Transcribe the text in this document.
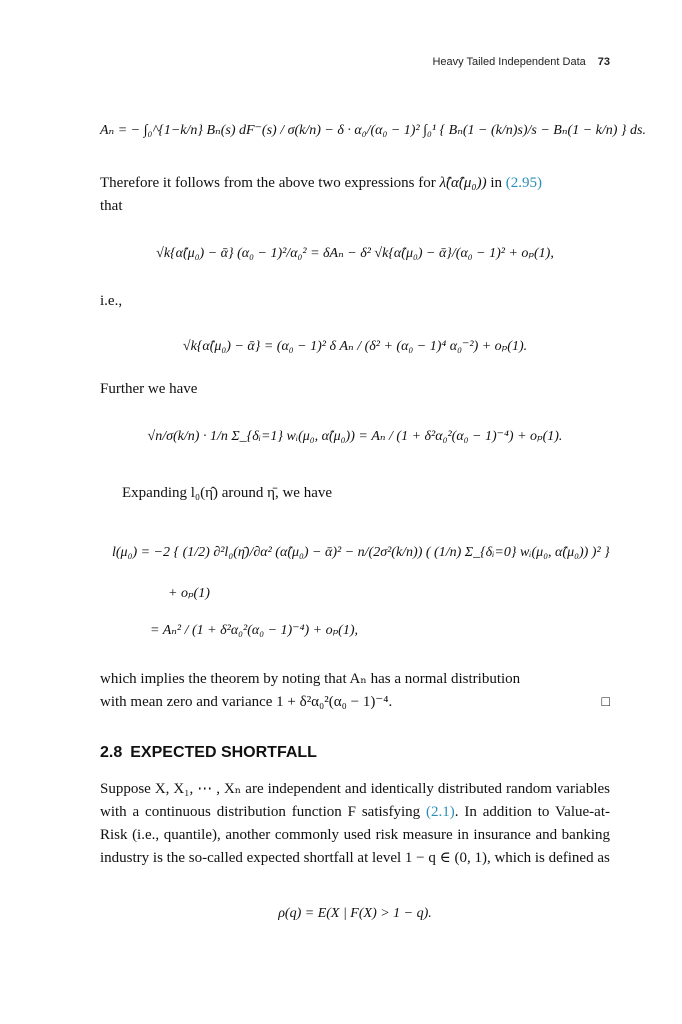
Heavy Tailed Independent Data 73
Aₙ = − ∫₀^{1−k/n} Bₙ(s) dF⁻(s) / σ(k/n) − δ · α₀/(α₀ − 1)² ∫₀¹ { Bₙ(1 − (k/n)s)/s − Bₙ(1 − k/n) } ds.
Therefore it follows from the above two expressions for λ̂(α̂(μ₀)) in (2.95)
that
√k{α̂(μ₀) − ᾱ} (α₀ − 1)²/α₀² = δAₙ − δ² √k{α̂(μ₀) − ᾱ}/(α₀ − 1)² + oₚ(1),
i.e.,
√k{α̂(μ₀) − ᾱ} = (α₀ − 1)² δ Aₙ / (δ² + (α₀ − 1)⁴ α₀⁻²) + oₚ(1).
Further we have
√n/σ(k/n) · 1/n Σ_{δᵢ=1} wᵢ(μ₀, α̂(μ₀)) = Aₙ / (1 + δ²α₀²(α₀ − 1)⁻⁴) + oₚ(1).
Expanding l₀(η̂) around η̄, we have
l(μ₀) = −2 { (1/2) ∂²l₀(η̄)/∂α² (α̂(μ₀) − ᾱ)² − n/(2σ²(k/n)) ( (1/n) Σ_{δᵢ=0} wᵢ(μ₀, α̂(μ₀)) )² }
+ oₚ(1)
= Aₙ² / (1 + δ²α₀²(α₀ − 1)⁻⁴) + oₚ(1),
which implies the theorem by noting that Aₙ has a normal distribution
with mean zero and variance 1 + δ²α₀²(α₀ − 1)⁻⁴.	□
2.8 EXPECTED SHORTFALL
Suppose X, X₁, ⋯ , Xₙ are independent and identically distributed random variables with a continuous distribution function F satisfying (2.1). In addition to Value-at-Risk (i.e., quantile), another commonly used risk measure in insurance and banking industry is the so-called expected shortfall at level 1 − q ∈ (0, 1), which is defined as
ρ(q) = E(X | F(X) > 1 − q).
